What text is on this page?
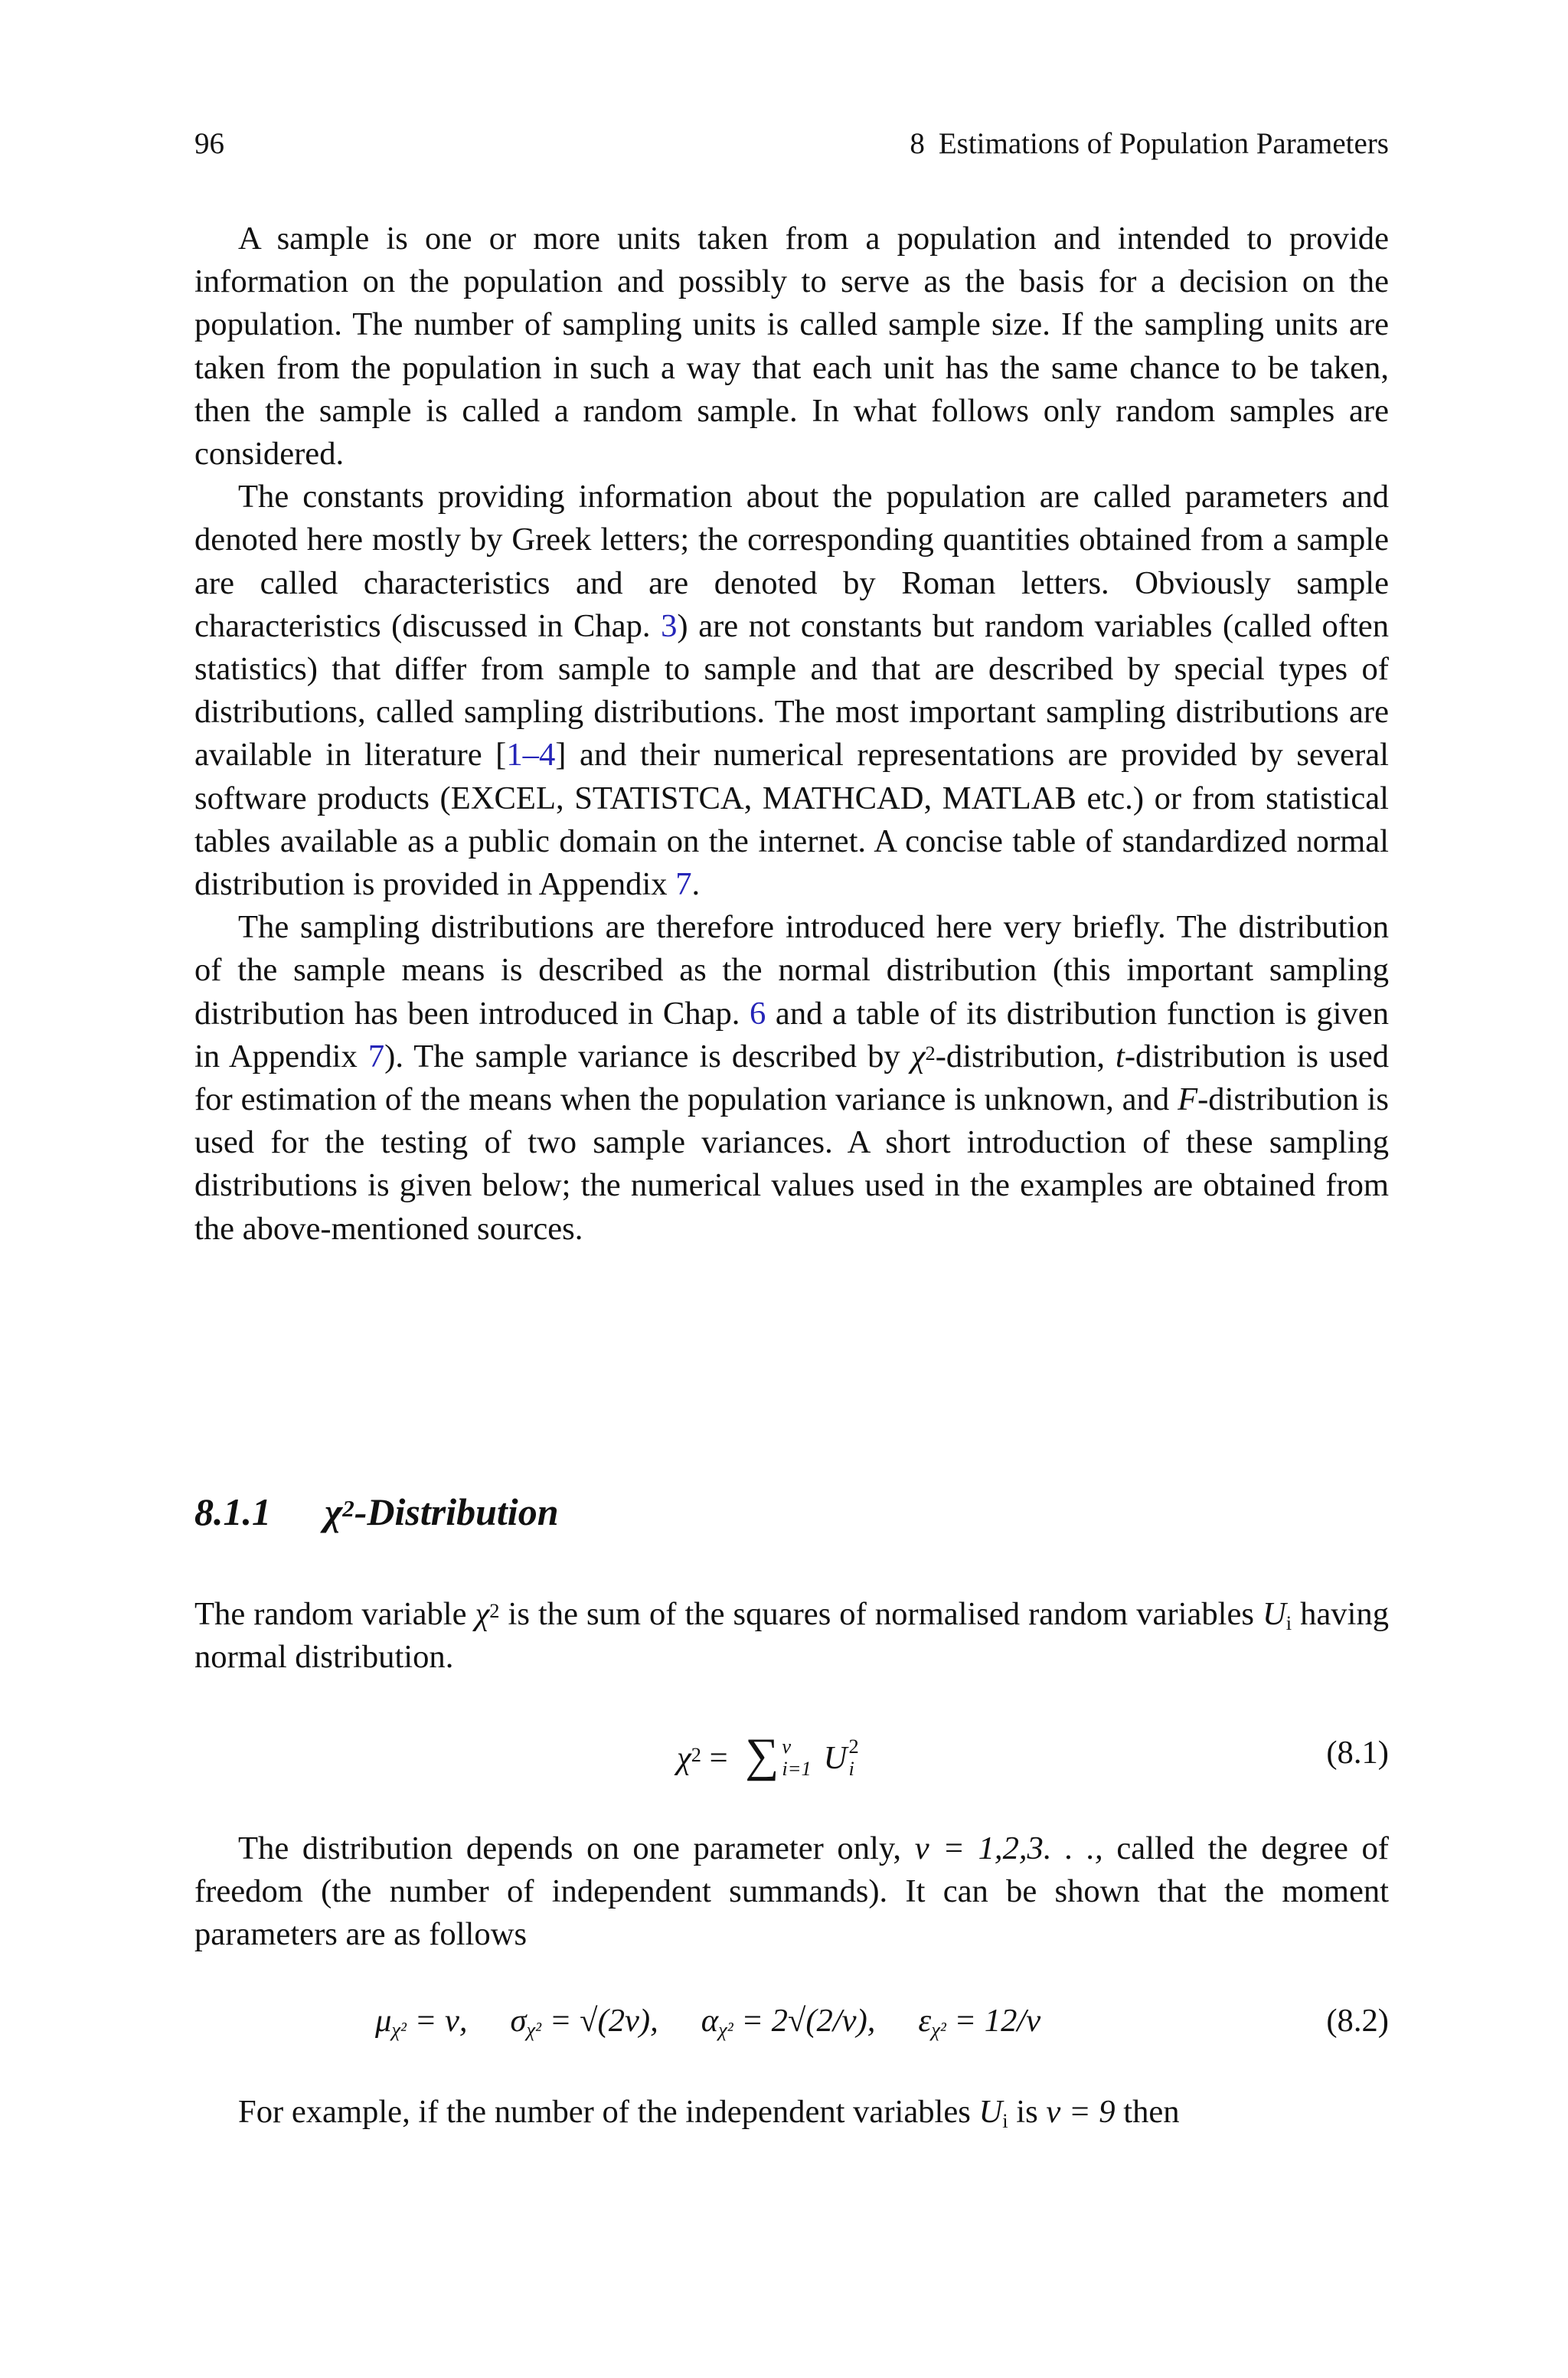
96	8 Estimations of Population Parameters

A sample is one or more units taken from a population and intended to provide information on the population and possibly to serve as the basis for a decision on the population. The number of sampling units is called sample size. If the sampling units are taken from the population in such a way that each unit has the same chance to be taken, then the sample is called a random sample. In what follows only random samples are considered.

The constants providing information about the population are called parameters and denoted here mostly by Greek letters; the corresponding quantities obtained from a sample are called characteristics and are denoted by Roman letters. Obviously sample characteristics (discussed in Chap. 3) are not constants but random variables (called often statistics) that differ from sample to sample and that are described by special types of distributions, called sampling distributions. The most important sampling distributions are available in literature [1–4] and their numerical representations are provided by several software products (EXCEL, STATISTCA, MATHCAD, MATLAB etc.) or from statistical tables available as a public domain on the internet. A concise table of standardized normal distribution is provided in Appendix 7.

The sampling distributions are therefore introduced here very briefly. The distribution of the sample means is described as the normal distribution (this important sampling distribution has been introduced in Chap. 6 and a table of its distribution function is given in Appendix 7). The sample variance is described by $\chi^2$-distribution, t-distribution is used for estimation of the means when the population variance is unknown, and F-distribution is used for the testing of two sample variances. A short introduction of these sampling distributions is given below; the numerical values used in the examples are obtained from the above-mentioned sources.

8.1.1 $\chi^2$-Distribution

The random variable $\chi^2$ is the sum of the squares of normalised random variables $U_i$ having normal distribution.

$\chi^2$ = ∑ ν
i=1 U 2
i	(8.1)

The distribution depends on one parameter only, ν = 1,2,3. . ., called the degree of freedom (the number of independent summands). It can be shown that the moment parameters are as follows

$\mu_{\chi^2} = \nu$, $\sigma_{\chi^2} = √(2\nu)$, $\alpha_{\chi^2} = 2√(2/\nu)$, $\varepsilon_{\chi^2} = 12/\nu$	(8.2)

For example, if the number of the independent variables $U_i$ is ν = 9 then
